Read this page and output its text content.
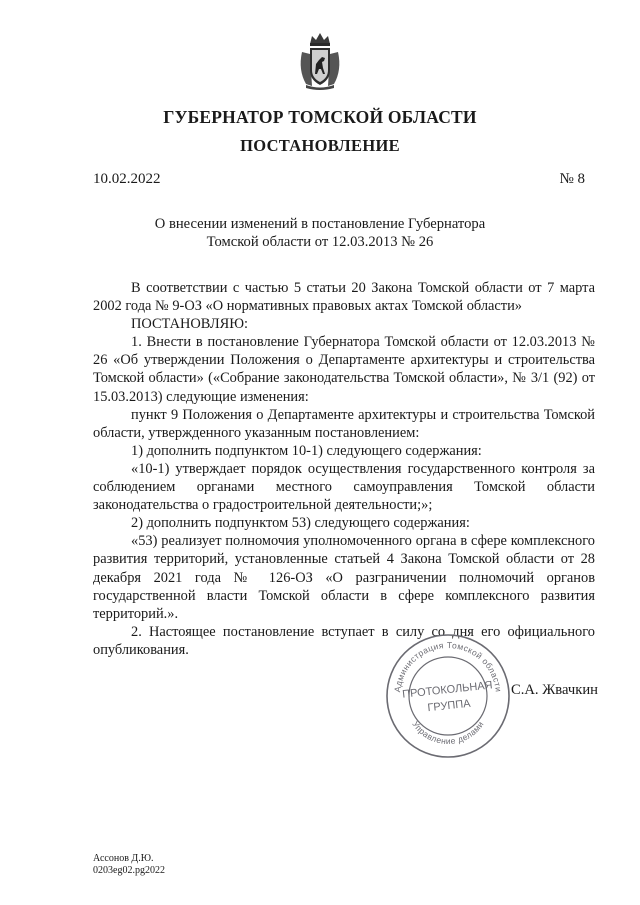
ГУБЕРНАТОР ТОМСКОЙ ОБЛАСТИ
ПОСТАНОВЛЕНИЕ
10.02.2022	№ 8
О внесении изменений в постановление Губернатора
Томской области от 12.03.2013 № 26

В соответствии с частью 5 статьи 20 Закона Томской области от 7 марта 2002 года № 9-ОЗ «О нормативных правовых актах Томской области»

ПОСТАНОВЛЯЮ:

1. Внести в постановление Губернатора Томской области от 12.03.2013 № 26 «Об утверждении Положения о Департаменте архитектуры и строительства Томской области» («Собрание законодательства Томской области», № 3/1 (92) от 15.03.2013) следующие изменения:

пункт 9 Положения о Департаменте архитектуры и строительства Томской области, утвержденного указанным постановлением:

1) дополнить подпунктом 10-1) следующего содержания:

«10-1) утверждает порядок осуществления государственного контроля за соблюдением органами местного самоуправления Томской области законодательства о градостроительной деятельности;»;

2) дополнить подпунктом 53) следующего содержания:

«53) реализует полномочия уполномоченного органа в сфере комплексного развития территорий, установленные статьей 4 Закона Томской области от 28 декабря 2021 года № 126-ОЗ «О разграничении полномочий органов государственной власти Томской области в сфере комплексного развития территорий.».

2. Настоящее постановление вступает в силу со дня его официального опубликования.

Администрация Томской области
Управление делами
ПРОТОКОЛЬНАЯ
ГРУППА
С.А. Жвачкин
Ассонов Д.Ю.
0203eg02.pg2022
